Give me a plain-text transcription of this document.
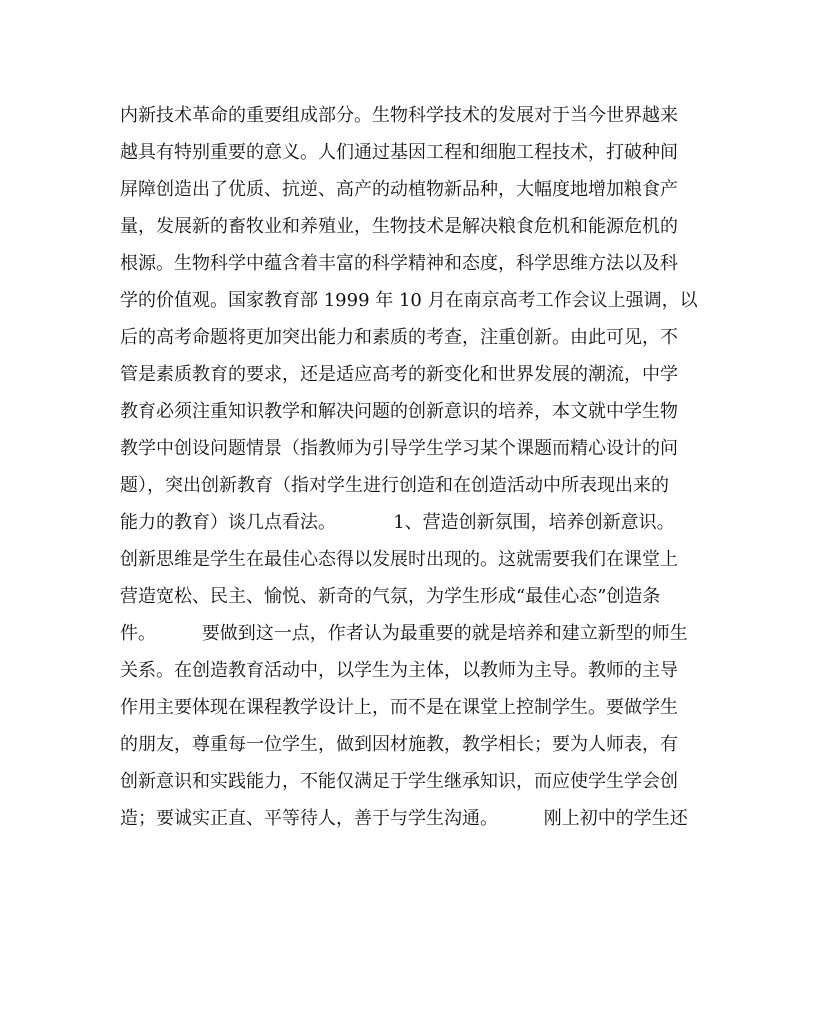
内新技术革命的重要组成部分。生物科学技术的发展对于当今世界越来
越具有特别重要的意义。人们通过基因工程和细胞工程技术，打破种间
屏障创造出了优质、抗逆、高产的动植物新品种，大幅度地增加粮食产
量，发展新的畜牧业和养殖业，生物技术是解决粮食危机和能源危机的
根源。生物科学中蕴含着丰富的科学精神和态度，科学思维方法以及科
学的价值观。国家教育部 1999 年 10 月在南京高考工作会议上强调，以
后的高考命题将更加突出能力和素质的考查，注重创新。由此可见，不
管是素质教育的要求，还是适应高考的新变化和世界发展的潮流，中学
教育必须注重知识教学和解决问题的创新意识的培养，本文就中学生物
教学中创设问题情景（指教师为引导学生学习某个课题而精心设计的问
题），突出创新教育（指对学生进行创造和在创造活动中所表现出来的
能力的教育）谈几点看法。          1、营造创新氛围，培养创新意识。
创新思维是学生在最佳心态得以发展时出现的。这就需要我们在课堂上
营造宽松、民主、愉悦、新奇的气氛，为学生形成“最佳心态”创造条
件。        要做到这一点，作者认为最重要的就是培养和建立新型的师生
关系。在创造教育活动中，以学生为主体，以教师为主导。教师的主导
作用主要体现在课程教学设计上，而不是在课堂上控制学生。要做学生
的朋友，尊重每一位学生，做到因材施教，教学相长；要为人师表，有
创新意识和实践能力，不能仅满足于学生继承知识，而应使学生学会创
造；要诚实正直、平等待人，善于与学生沟通。        刚上初中的学生还
